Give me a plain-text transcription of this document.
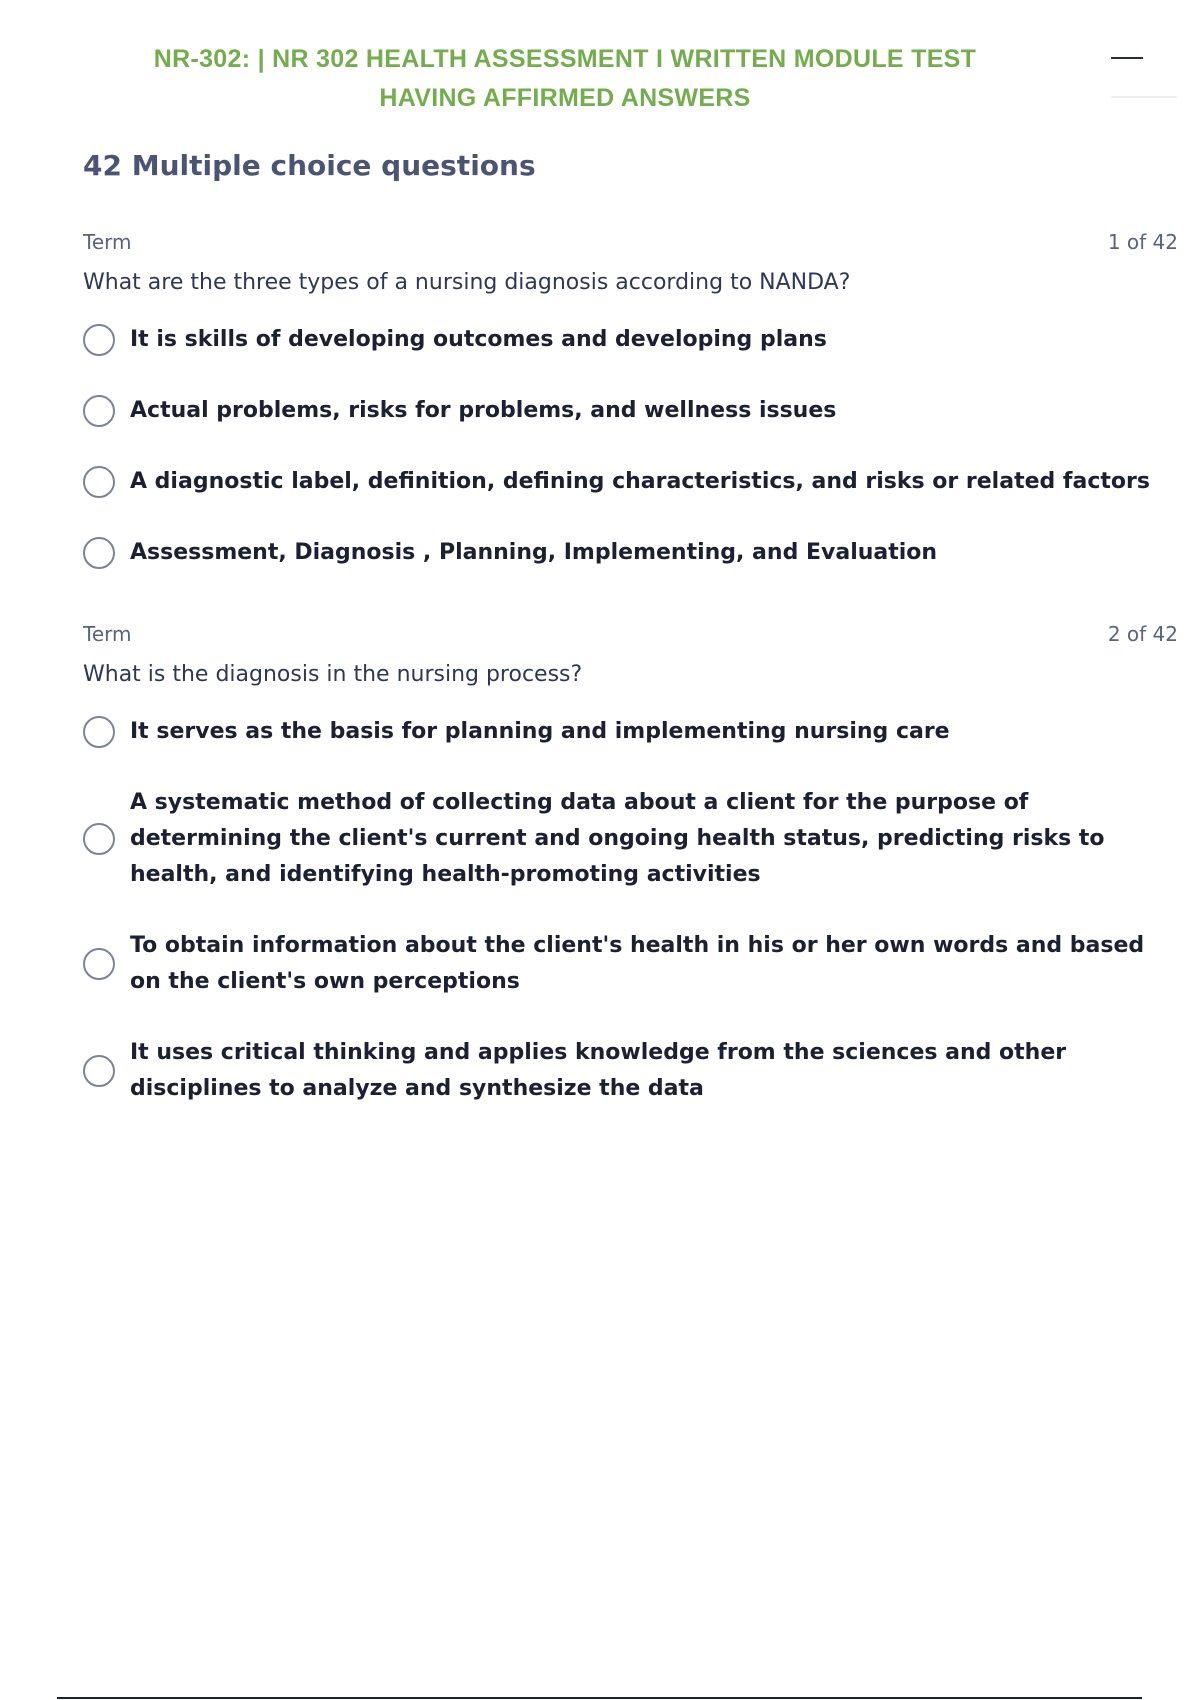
NR-302: | NR 302 HEALTH ASSESSMENT I WRITTEN MODULE TEST
HAVING AFFIRMED ANSWERS
42 Multiple choice questions
Term	1 of 42
What are the three types of a nursing diagnosis according to NANDA?
It is skills of developing outcomes and developing plans
Actual problems, risks for problems, and wellness issues
A diagnostic label, definition, defining characteristics, and risks or related factors
Assessment, Diagnosis , Planning, Implementing, and Evaluation
Term	2 of 42
What is the diagnosis in the nursing process?
It serves as the basis for planning and implementing nursing care
A systematic method of collecting data about a client for the purpose of determining the client's current and ongoing health status, predicting risks to health, and identifying health-promoting activities
To obtain information about the client's health in his or her own words and based on the client's own perceptions
It uses critical thinking and applies knowledge from the sciences and other disciplines to analyze and synthesize the data
